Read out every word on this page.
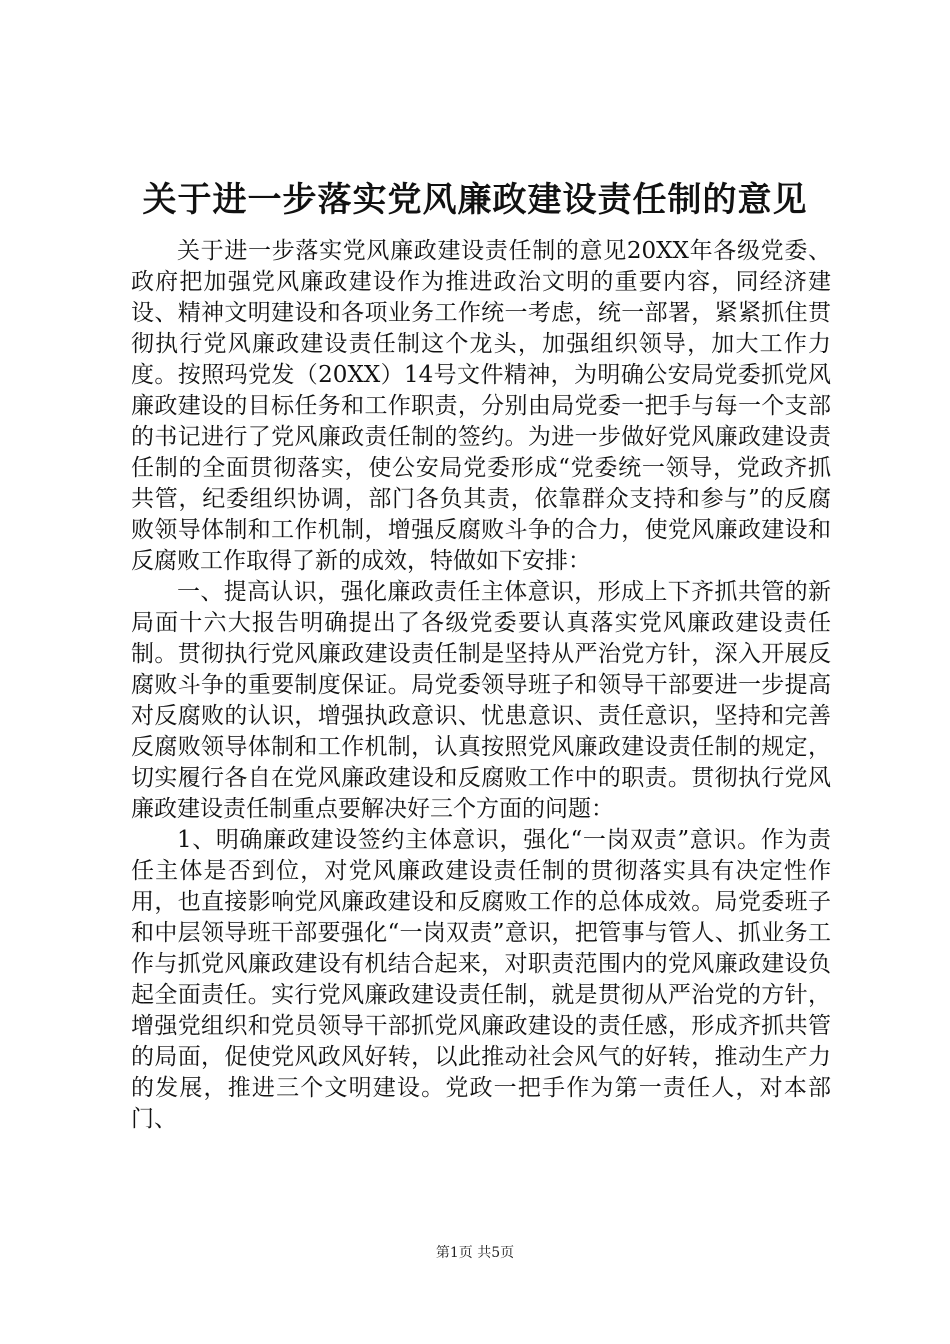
关于进一步落实党风廉政建设责任制的意见

关于进一步落实党风廉政建设责任制的意见20XX年各级党委、政府把加强党风廉政建设作为推进政治文明的重要内容，同经济建设、精神文明建设和各项业务工作统一考虑，统一部署，紧紧抓住贯彻执行党风廉政建设责任制这个龙头，加强组织领导，加大工作力度。按照玛党发（20XX）14号文件精神，为明确公安局党委抓党风廉政建设的目标任务和工作职责，分别由局党委一把手与每一个支部的书记进行了党风廉政责任制的签约。为进一步做好党风廉政建设责任制的全面贯彻落实，使公安局党委形成“党委统一领导，党政齐抓共管，纪委组织协调，部门各负其责，依靠群众支持和参与”的反腐败领导体制和工作机制，增强反腐败斗争的合力，使党风廉政建设和反腐败工作取得了新的成效，特做如下安排：

一、提高认识，强化廉政责任主体意识，形成上下齐抓共管的新局面十六大报告明确提出了各级党委要认真落实党风廉政建设责任制。贯彻执行党风廉政建设责任制是坚持从严治党方针，深入开展反腐败斗争的重要制度保证。局党委领导班子和领导干部要进一步提高对反腐败的认识，增强执政意识、忧患意识、责任意识，坚持和完善反腐败领导体制和工作机制，认真按照党风廉政建设责任制的规定，切实履行各自在党风廉政建设和反腐败工作中的职责。贯彻执行党风廉政建设责任制重点要解决好三个方面的问题：

1、明确廉政建设签约主体意识，强化“一岗双责”意识。作为责任主体是否到位，对党风廉政建设责任制的贯彻落实具有决定性作用，也直接影响党风廉政建设和反腐败工作的总体成效。局党委班子和中层领导班干部要强化“一岗双责”意识，把管事与管人、抓业务工作与抓党风廉政建设有机结合起来，对职责范围内的党风廉政建设负起全面责任。实行党风廉政建设责任制，就是贯彻从严治党的方针，增强党组织和党员领导干部抓党风廉政建设的责任感，形成齐抓共管的局面，促使党风政风好转，以此推动社会风气的好转，推动生产力的发展，推进三个文明建设。党政一把手作为第一责任人，对本部门、

第1页 共5页
